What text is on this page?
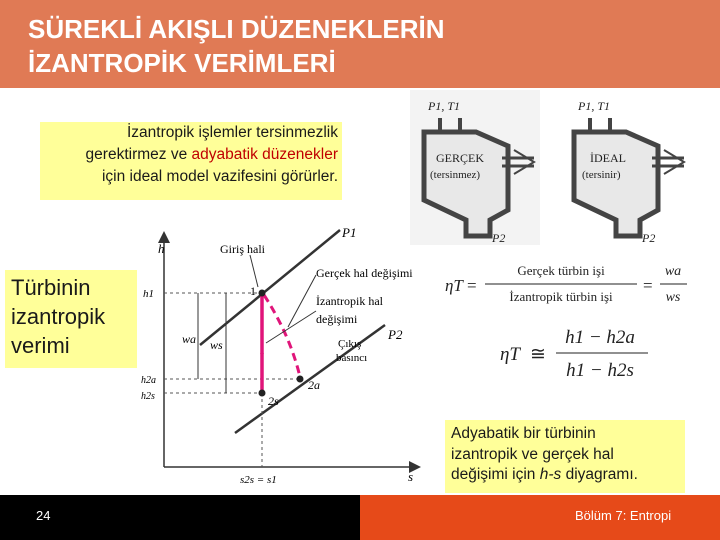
SÜREKLİ AKIŞLI DÜZENEKLERİN
İZANTROPİK VERİMLERİ
İzantropik işlemler tersinmezlik
gerektirmez ve adyabatik düzenekler
için ideal model vazifesini görürler.
P1, T1
GERÇEK
(tersinmez)
P2
P1, T1
İDEAL
(tersinir)
P2
h
s
P1
P2
wa ws
1
2a
2s
h1
h2a
h2s
s2s = s1
Giriş hali
Gerçek hal değişimi
İzantropik hal
değişimi
Çıkış
basıncı
ηT =
Gerçek türbin işi
İzantropik türbin işi
=
wa
ws
ηT ≅
h1 − h2a
h1 − h2s
Türbinin
izantropik
verimi
Adyabatik bir türbinin
izantropik ve gerçek hal
değişimi için h-s diyagramı.
24	Bölüm 7: Entropi
